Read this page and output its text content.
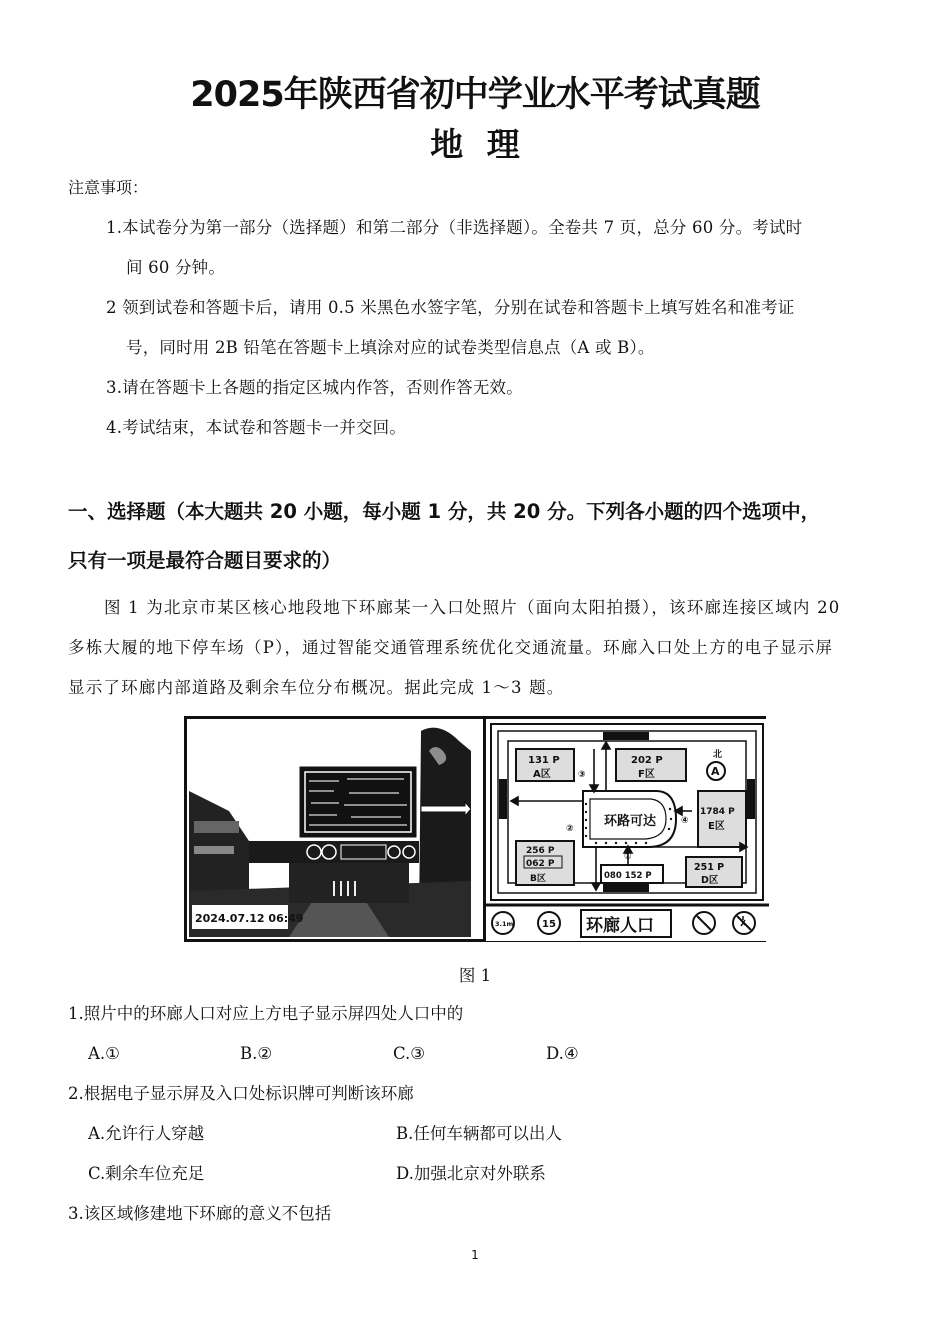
2025年陕西省初中学业水平考试真题
地 理
注意事项：
1.本试卷分为第一部分（选择题）和第二部分（非选择题）。全卷共 7 页，总分 60 分。考试时
间 60 分钟。
2 领到试卷和答题卡后，请用 0.5 米黑色水签字笔，分别在试卷和答题卡上填写姓名和准考证
号，同时用 2B 铅笔在答题卡上填涂对应的试卷类型信息点（A 或 B）。
3.请在答题卡上各题的指定区城内作答，否则作答无效。
4.考试结束，本试卷和答题卡一并交回。
一、选择题（本大题共 20 小题，每小题 1 分，共 20 分。下列各小题的四个选项中，
只有一项是最符合题目要求的）
图 1 为北京市某区核心地段地下环廊某一入口处照片（面向太阳拍摄），该环廊连接区域内 20
多栋大履的地下停车场（P），通过智能交通管理系统优化交通流量。环廊入口处上方的电子显示屏
显示了环廊内部道路及剩余车位分布概况。据此完成 1～3 题。
2024.07.12 06:49
131 P
A区
202 P
F区
北
A
1784 P
E区
256 P
062 P
B区
251 P
D区
080 152 P
环路可达
①
②
③
④
3.1m	15 环廊人口
图 1
1.照片中的环廊人口对应上方电子显示屏四处人口中的
A.①	B.②	C.③	D.④
2.根据电子显示屏及入口处标识牌可判断该环廊
A.允许行人穿越	B.任何车辆都可以出人
C.剩余车位充足	D.加强北京对外联系
3.该区域修建地下环廊的意义不包括
1
